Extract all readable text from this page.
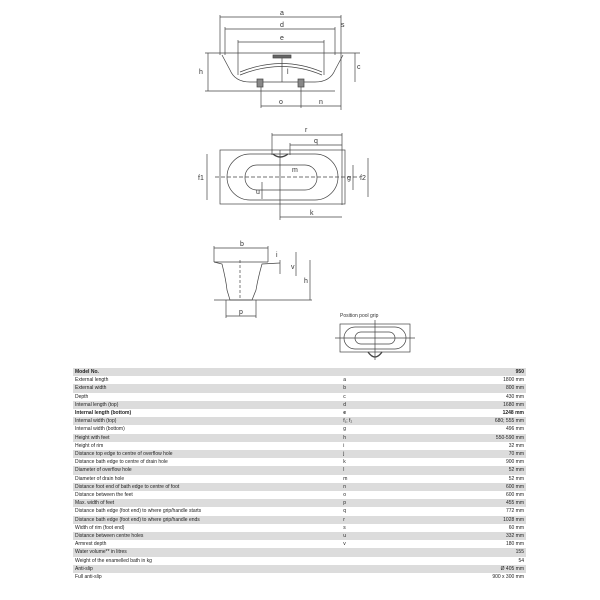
a
d
e
s
h
c
l
o	n
r
q
f1
m
g f2
u
k
b
i
v
h
p	Position pool grip
Model No.		950
External length	a	1800 mm
External width	b	800 mm
Depth	c	430 mm
Internal length (top)	d	1680 mm
Internal length (bottom)	e	1248 mm
Internal width (top)	f₁; f₂	680; 555 mm
Internal width (bottom)	g	496 mm
Height with feet	h	550-590 mm
Height of rim	i	32 mm
Distance top edge to centre of overflow hole	j	70 mm
Distance bath edge to centre of drain hole	k	900 mm
Diameter of overflow hole	l	52 mm
Diameter of drain hole	m	52 mm
Distance foot end of bath edge to centre of foot	n	600 mm
Distance between the feet	o	600 mm
Max. width of feet	p	455 mm
Distance bath edge (foot end) to where grip/handle starts	q	772 mm
Distance bath edge (foot end) to where grip/handle ends	r	1028 mm
Width of rim (foot end)	s	60 mm
Distance between centre holes	u	332 mm
Armrest depth	v	180 mm
Water volume** in litres		155
Weight of the enamelled bath in kg		54
Anti-slip		Ø 405 mm
Full anti-slip		900 x 300 mm
